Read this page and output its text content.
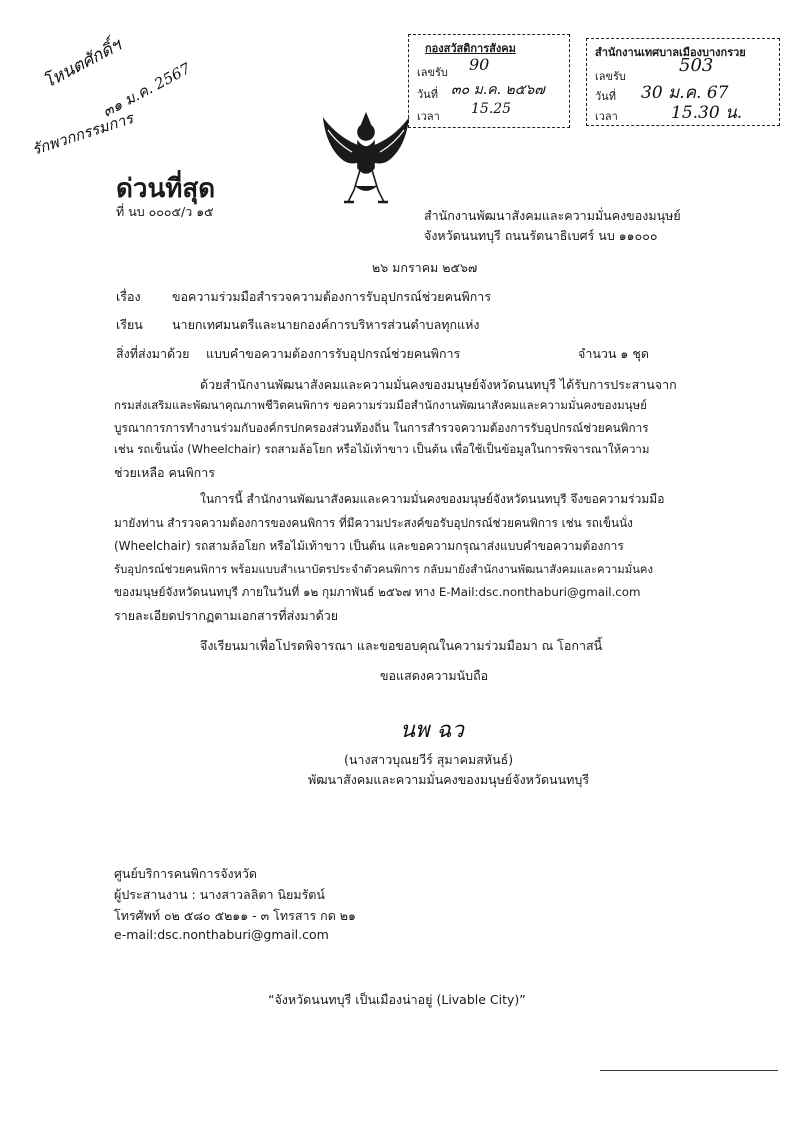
โหนตศักดิ์ฯ
๓๑ ม.ค. 2567
รักพวกกรรมการ
กองสวัสดิการสังคม
เลขรับ 90
วันที่ ๓๐ ม.ค. ๒๕๖๗
เวลา 15.25
สำนักงานเทศบาลเมืองบางกรวย
เลขรับ
503
วันที่ 30 ม.ค. 67
เวลา	15.30 น.
ด่วนที่สุด
ที่ นบ ๐๐๐๕/ว ๑๕	สำนักงานพัฒนาสังคมและความมั่นคงของมนุษย์
จังหวัดนนทบุรี ถนนรัตนาธิเบศร์ นบ ๑๑๐๐๐
๒๖ มกราคม ๒๕๖๗
เรื่อง	ขอความร่วมมือสำรวจความต้องการรับอุปกรณ์ช่วยคนพิการ
เรียน นายกเทศมนตรีและนายกองค์การบริหารส่วนตำบลทุกแห่ง
สิ่งที่ส่งมาด้วย แบบคำขอความต้องการรับอุปกรณ์ช่วยคนพิการ	จำนวน ๑ ชุด
ด้วยสำนักงานพัฒนาสังคมและความมั่นคงของมนุษย์จังหวัดนนทบุรี ได้รับการประสานจาก
กรมส่งเสริมและพัฒนาคุณภาพชีวิตคนพิการ ขอความร่วมมือสำนักงานพัฒนาสังคมและความมั่นคงของมนุษย์
บูรณาการการทำงานร่วมกับองค์กรปกครองส่วนท้องถิ่น ในการสำรวจความต้องการรับอุปกรณ์ช่วยคนพิการ
เช่น รถเข็นนั่ง (Wheelchair) รถสามล้อโยก หรือไม้เท้าขาว เป็นต้น เพื่อใช้เป็นข้อมูลในการพิจารณาให้ความ
ช่วยเหลือ คนพิการ
ในการนี้ สำนักงานพัฒนาสังคมและความมั่นคงของมนุษย์จังหวัดนนทบุรี จึงขอความร่วมมือ
มายังท่าน สำรวจความต้องการของคนพิการ ที่มีความประสงค์ขอรับอุปกรณ์ช่วยคนพิการ เช่น รถเข็นนั่ง
(Wheelchair) รถสามล้อโยก หรือไม้เท้าขาว เป็นต้น และขอความกรุณาส่งแบบคำขอความต้องการ
รับอุปกรณ์ช่วยคนพิการ พร้อมแบบสำเนาบัตรประจำตัวคนพิการ กลับมายังสำนักงานพัฒนาสังคมและความมั่นคง
ของมนุษย์จังหวัดนนทบุรี ภายในวันที่ ๑๒ กุมภาพันธ์ ๒๕๖๗ ทาง E-Mail:dsc.nonthaburi@gmail.com
รายละเอียดปรากฏตามเอกสารที่ส่งมาด้วย
จึงเรียนมาเพื่อโปรดพิจารณา และขอขอบคุณในความร่วมมือมา ณ โอกาสนี้
ขอแสดงความนับถือ
นพ ฉว
(นางสาวบุณยวีร์ สุมาคมสหันธ์)
พัฒนาสังคมและความมั่นคงของมนุษย์จังหวัดนนทบุรี
ศูนย์บริการคนพิการจังหวัด
ผู้ประสานงาน : นางสาวลลิตา นิยมรัตน์
โทรศัพท์ ๐๒ ๕๘๐ ๕๒๑๑ - ๓ โทรสาร กด ๒๑
e-mail:dsc.nonthaburi@gmail.com
“จังหวัดนนทบุรี เป็นเมืองน่าอยู่ (Livable City)”
